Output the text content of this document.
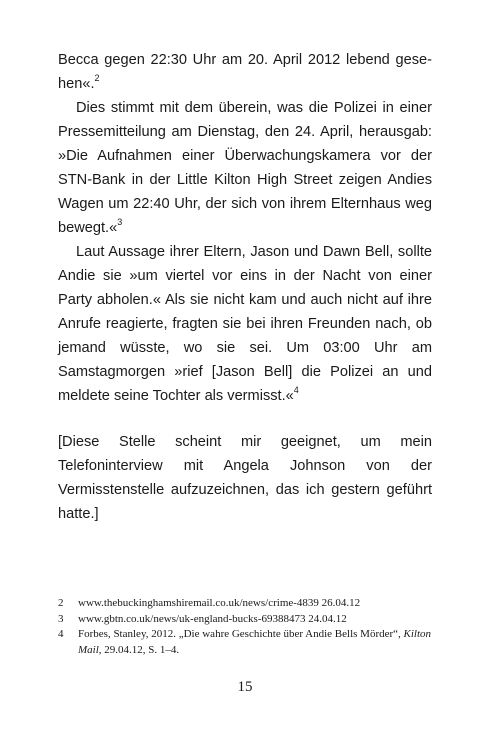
Becca gegen 22:30 Uhr am 20. April 2012 lebend gesehen«.$^2$

Dies stimmt mit dem überein, was die Polizei in einer Pressemitteilung am Dienstag, den 24. April, herausgab: »Die Aufnahmen einer Überwachungskamera vor der STN-Bank in der Little Kilton High Street zeigen Andies Wagen um 22:40 Uhr, der sich von ihrem Elternhaus weg bewegt.«$^3$

Laut Aussage ihrer Eltern, Jason und Dawn Bell, sollte Andie sie »um viertel vor eins in der Nacht von einer Party abholen.« Als sie nicht kam und auch nicht auf ihre Anrufe reagierte, fragten sie bei ihren Freunden nach, ob jemand wüsste, wo sie sei. Um 03:00 Uhr am Samstagmorgen »rief [Jason Bell] die Polizei an und meldete seine Tochter als vermisst.«$^4$

[Diese Stelle scheint mir geeignet, um mein Telefoninterview mit Angela Johnson von der Vermisstenstelle aufzuzeichnen, das ich gestern geführt hatte.]

2	www.thebuckinghamshiremail.co.uk/news/crime-4839 26.04.12
3	www.gbtn.co.uk/news/uk-england-bucks-69388473 24.04.12
4	Forbes, Stanley, 2012. „Die wahre Geschichte über Andie Bells Mörder“, Kilton Mail, 29.04.12, S. 1–4.
15
